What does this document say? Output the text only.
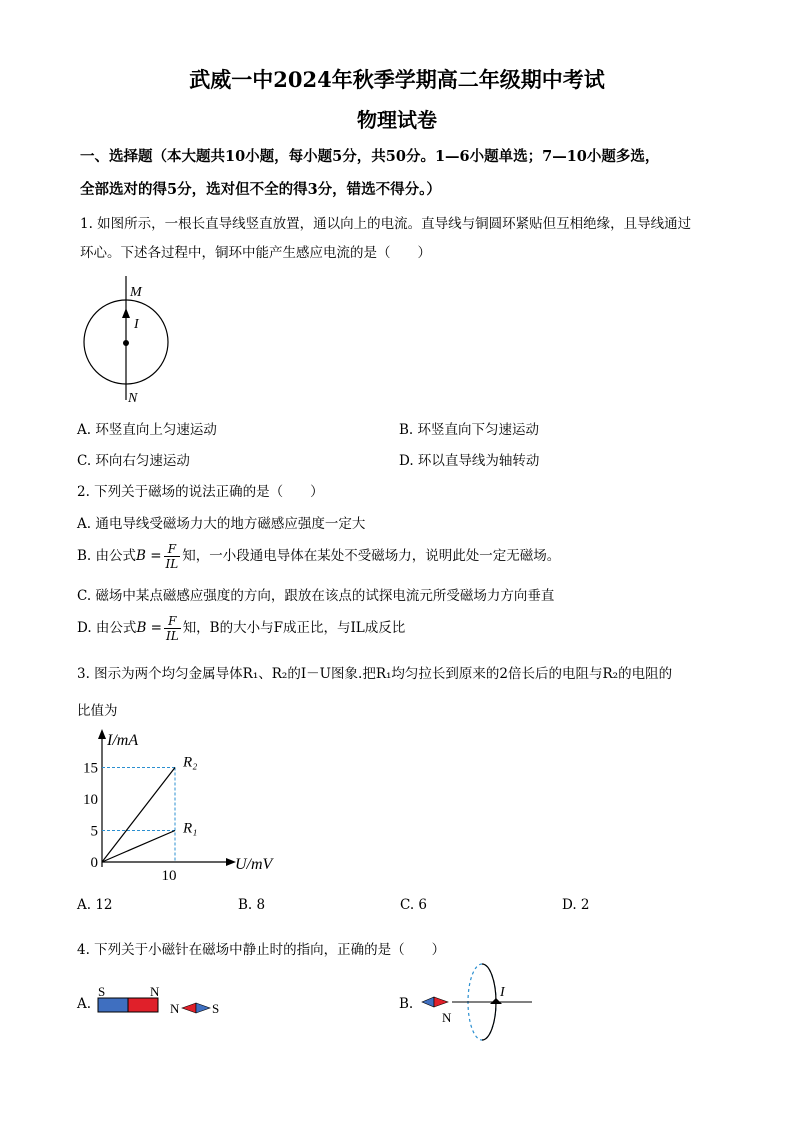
武威一中2024年秋季学期高二年级期中考试
物理试卷
一、选择题（本大题共10小题，每小题5分，共50分。1—6小题单选；7—10小题多选，
全部选对的得5分，选对但不全的得3分，错选不得分。）
1. 如图所示，一根长直导线竖直放置，通以向上的电流。直导线与铜圆环紧贴但互相绝缘，且导线通过
环心。下述各过程中，铜环中能产生感应电流的是（　　）
M
I
N
A. 环竖直向上匀速运动	B. 环竖直向下匀速运动
C. 环向右匀速运动	D. 环以直导线为轴转动
2. 下列关于磁场的说法正确的是（　　）
A. 通电导线受磁场力大的地方磁感应强度一定大
B. 由公式$B = \frac{F}{IL}$ 知，一小段通电导体在某处不受磁场力，说明此处一定无磁场。
C. 磁场中某点磁感应强度的方向，跟放在该点的试探电流元所受磁场力方向垂直
D. 由公式$B = \frac{F}{IL}$ 知，B的大小与F成正比，与IL成反比
3. 图示为两个均匀金属导体R₁、R₂的I－U图象.把R₁均匀拉长到原来的2倍长后的电阻与R₂的电阻的
比值为
I/mA
U/mV
15
10
5
0
10
R₂
R₁
A. 12	B. 8	C. 6	D. 2
4. 下列关于小磁针在磁场中静止时的指向，正确的是（　　）
A.
S	N
N	S	B.
I
N
